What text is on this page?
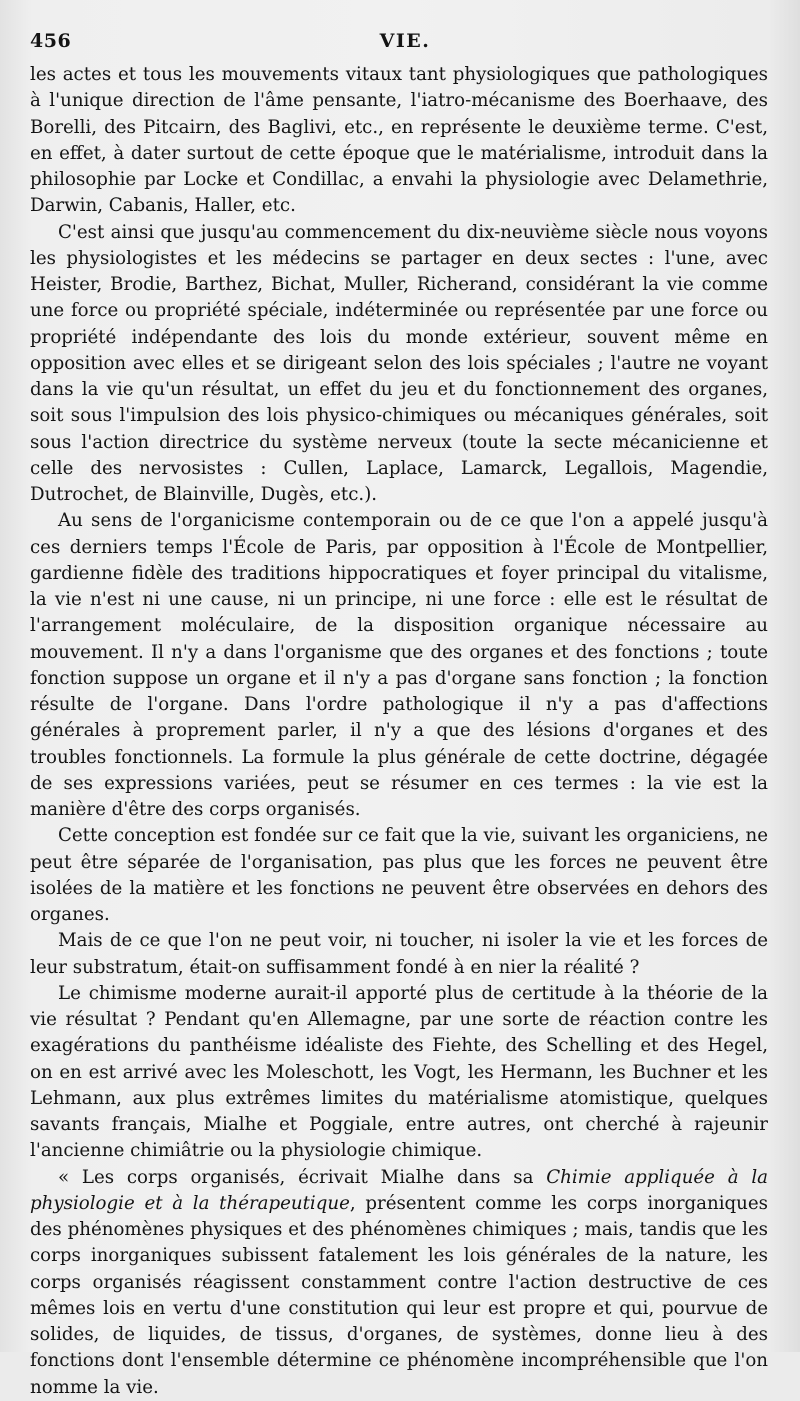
456	VIE.

les actes et tous les mouvements vitaux tant physiologiques que pathologiques à l'unique direction de l'âme pensante, l'iatro-mécanisme des Boerhaave, des Borelli, des Pitcairn, des Baglivi, etc., en représente le deuxième terme. C'est, en effet, à dater surtout de cette époque que le matérialisme, introduit dans la philosophie par Locke et Condillac, a envahi la physiologie avec Delamethrie, Darwin, Cabanis, Haller, etc.

C'est ainsi que jusqu'au commencement du dix-neuvième siècle nous voyons les physiologistes et les médecins se partager en deux sectes : l'une, avec Heister, Brodie, Barthez, Bichat, Muller, Richerand, considérant la vie comme une force ou propriété spéciale, indéterminée ou représentée par une force ou propriété indépendante des lois du monde extérieur, souvent même en opposition avec elles et se dirigeant selon des lois spéciales ; l'autre ne voyant dans la vie qu'un résultat, un effet du jeu et du fonctionnement des organes, soit sous l'impulsion des lois physico-chimiques ou mécaniques générales, soit sous l'action directrice du système nerveux (toute la secte mécanicienne et celle des nervosistes : Cullen, Laplace, Lamarck, Legallois, Magendie, Dutrochet, de Blainville, Dugès, etc.).

Au sens de l'organicisme contemporain ou de ce que l'on a appelé jusqu'à ces derniers temps l'École de Paris, par opposition à l'École de Montpellier, gardienne fidèle des traditions hippocratiques et foyer principal du vitalisme, la vie n'est ni une cause, ni un principe, ni une force : elle est le résultat de l'arrangement moléculaire, de la disposition organique nécessaire au mouvement. Il n'y a dans l'organisme que des organes et des fonctions ; toute fonction suppose un organe et il n'y a pas d'organe sans fonction ; la fonction résulte de l'organe. Dans l'ordre pathologique il n'y a pas d'affections générales à proprement parler, il n'y a que des lésions d'organes et des troubles fonctionnels. La formule la plus générale de cette doctrine, dégagée de ses expressions variées, peut se résumer en ces termes : la vie est la manière d'être des corps organisés.

Cette conception est fondée sur ce fait que la vie, suivant les organiciens, ne peut être séparée de l'organisation, pas plus que les forces ne peuvent être isolées de la matière et les fonctions ne peuvent être observées en dehors des organes.

Mais de ce que l'on ne peut voir, ni toucher, ni isoler la vie et les forces de leur substratum, était-on suffisamment fondé à en nier la réalité ?

Le chimisme moderne aurait-il apporté plus de certitude à la théorie de la vie résultat ? Pendant qu'en Allemagne, par une sorte de réaction contre les exagérations du panthéisme idéaliste des Fiehte, des Schelling et des Hegel, on en est arrivé avec les Moleschott, les Vogt, les Hermann, les Buchner et les Lehmann, aux plus extrêmes limites du matérialisme atomistique, quelques savants français, Mialhe et Poggiale, entre autres, ont cherché à rajeunir l'ancienne chimiâtrie ou la physiologie chimique.

« Les corps organisés, écrivait Mialhe dans sa Chimie appliquée à la physiologie et à la thérapeutique, présentent comme les corps inorganiques des phénomènes physiques et des phénomènes chimiques ; mais, tandis que les corps inorganiques subissent fatalement les lois générales de la nature, les corps organisés réagissent constamment contre l'action destructive de ces mêmes lois en vertu d'une constitution qui leur est propre et qui, pourvue de solides, de liquides, de tissus, d'organes, de systèmes, donne lieu à des fonctions dont l'ensemble détermine ce phénomène incompréhensible que l'on nomme la vie.
